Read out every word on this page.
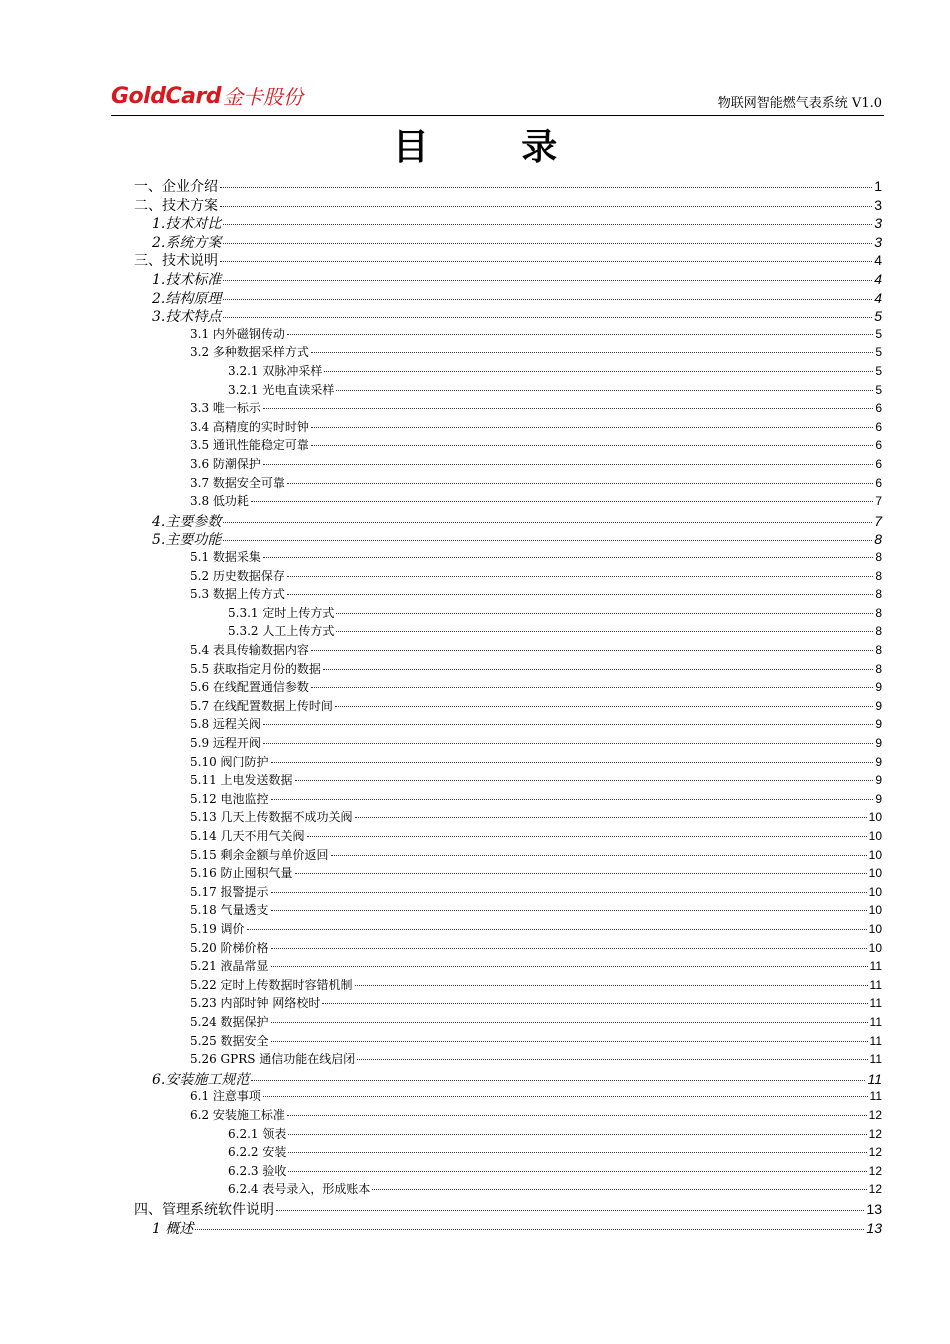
GoldCard 金卡股份	物联网智能燃气表系统 V1.0
目 录
一、企业介绍	1
二、技术方案	3
1.技术对比	3
2.系统方案	3
三、技术说明	4
1.技术标准	4
2.结构原理	4
3.技术特点	5
3.1 内外磁钢传动	5
3.2 多种数据采样方式	5
3.2.1 双脉冲采样	5
3.2.1 光电直读采样	5
3.3 唯一标示	6
3.4 高精度的实时时钟	6
3.5 通讯性能稳定可靠	6
3.6 防潮保护	6
3.7 数据安全可靠	6
3.8 低功耗	7
4.主要参数	7
5.主要功能	8
5.1 数据采集	8
5.2 历史数据保存	8
5.3 数据上传方式	8
5.3.1 定时上传方式	8
5.3.2 人工上传方式	8
5.4 表具传输数据内容	8
5.5 获取指定月份的数据	8
5.6 在线配置通信参数	9
5.7 在线配置数据上传时间	9
5.8 远程关阀	9
5.9 远程开阀	9
5.10 阀门防护	9
5.11 上电发送数据	9
5.12 电池监控	9
5.13 几天上传数据不成功关阀	10
5.14 几天不用气关阀	10
5.15 剩余金额与单价返回	10
5.16 防止囤积气量	10
5.17 报警提示	10
5.18 气量透支	10
5.19 调价	10
5.20 阶梯价格	10
5.21 液晶常显	11
5.22 定时上传数据时容错机制	11
5.23 内部时钟 网络校时	11
5.24 数据保护	11
5.25 数据安全	11
5.26 GPRS 通信功能在线启闭	11
6.安装施工规范	11
6.1 注意事项	11
6.2 安装施工标准	12
6.2.1 领表	12
6.2.2 安装	12
6.2.3 验收	12
6.2.4 表号录入，形成账本	12
四、管理系统软件说明	13
1 概述	13
